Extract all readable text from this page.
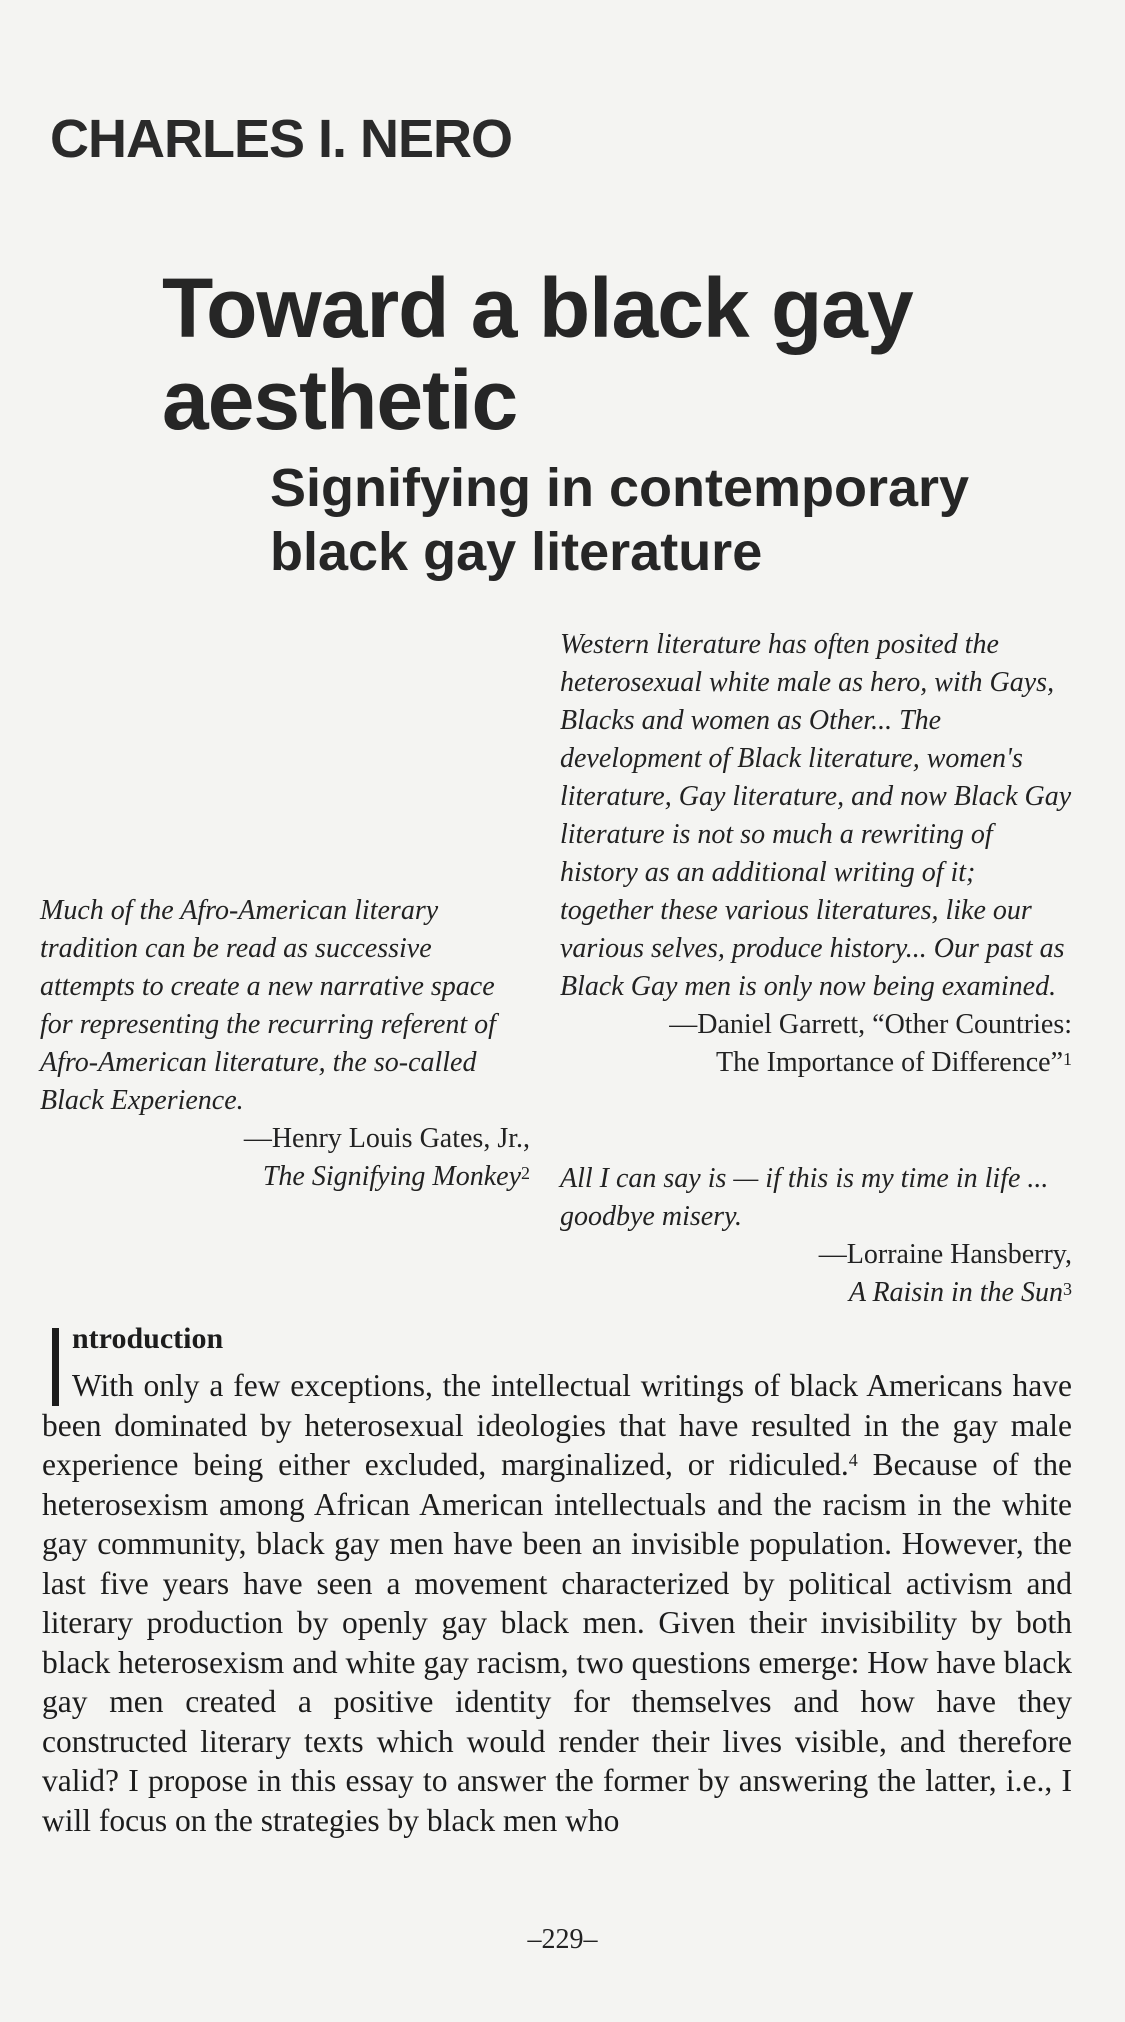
CHARLES I. NERO
Toward a black gay aesthetic
Signifying in contemporary black gay literature

Western literature has often posited the heterosexual white male as hero, with Gays, Blacks and women as Other... The development of Black literature, women's literature, Gay literature, and now Black Gay literature is not so much a rewriting of history as an additional writing of it; together these various literatures, like our various selves, produce history... Our past as Black Gay men is only now being examined.

—Daniel Garrett, “Other Countries:
The Importance of Difference”$^1$

Much of the Afro-American literary tradition can be read as successive attempts to create a new narrative space for representing the recurring referent of Afro-American literature, the so-called Black Experience.

—Henry Louis Gates, Jr.,
The Signifying Monkey$^2$ All I can say is — if this is my time in life ... goodbye misery.

—Lorraine Hansberry,
A Raisin in the Sun$^3$

ntroduction

With only a few exceptions, the intellectual writings of black Americans have been dominated by heterosexual ideologies that have resulted in the gay male experience being either excluded, marginalized, or ridiculed.$^4$ Because of the heterosexism among African American intellectuals and the racism in the white gay community, black gay men have been an invisible population. However, the last five years have seen a movement characterized by political activism and literary production by openly gay black men. Given their invisibility by both black heterosexism and white gay racism, two questions emerge: How have black gay men created a positive identity for themselves and how have they constructed literary texts which would render their lives visible, and therefore valid? I propose in this essay to answer the former by answering the latter, i.e., I will focus on the strategies by black men who

–229–
